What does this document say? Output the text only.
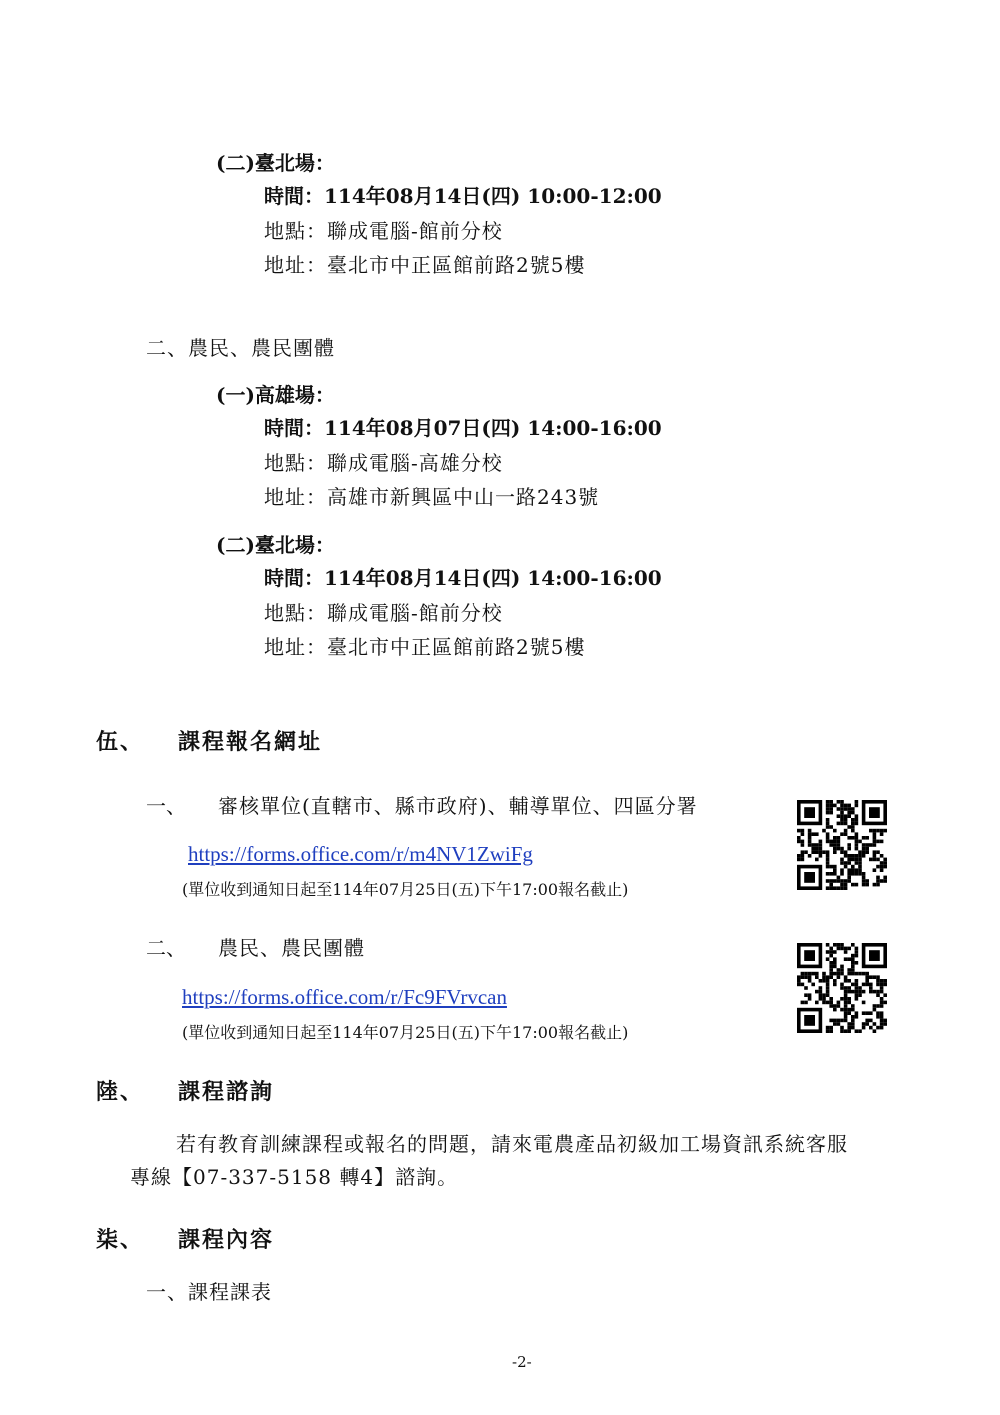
(二)臺北場：
時間：114年08月14日(四) 10:00-12:00
地點：聯成電腦-館前分校
地址：臺北市中正區館前路2號5樓
二、農民、農民團體
(一)高雄場：
時間：114年08月07日(四) 14:00-16:00
地點：聯成電腦-高雄分校
地址：高雄市新興區中山一路243號
(二)臺北場：
時間：114年08月14日(四) 14:00-16:00
地點：聯成電腦-館前分校
地址：臺北市中正區館前路2號5樓
伍、 課程報名網址
一、 審核單位(直轄市、縣市政府)、輔導單位、四區分署
https://forms.office.com/r/m4NV1ZwiFg
(單位收到通知日起至114年07月25日(五)下午17:00報名截止)
二、 農民、農民團體
https://forms.office.com/r/Fc9FVrvcan
(單位收到通知日起至114年07月25日(五)下午17:00報名截止)
陸、 課程諮詢
若有教育訓練課程或報名的問題，請來電農產品初級加工場資訊系統客服
專線【07-337-5158 轉4】諮詢。
柒、 課程內容
一、課程課表
-2-
